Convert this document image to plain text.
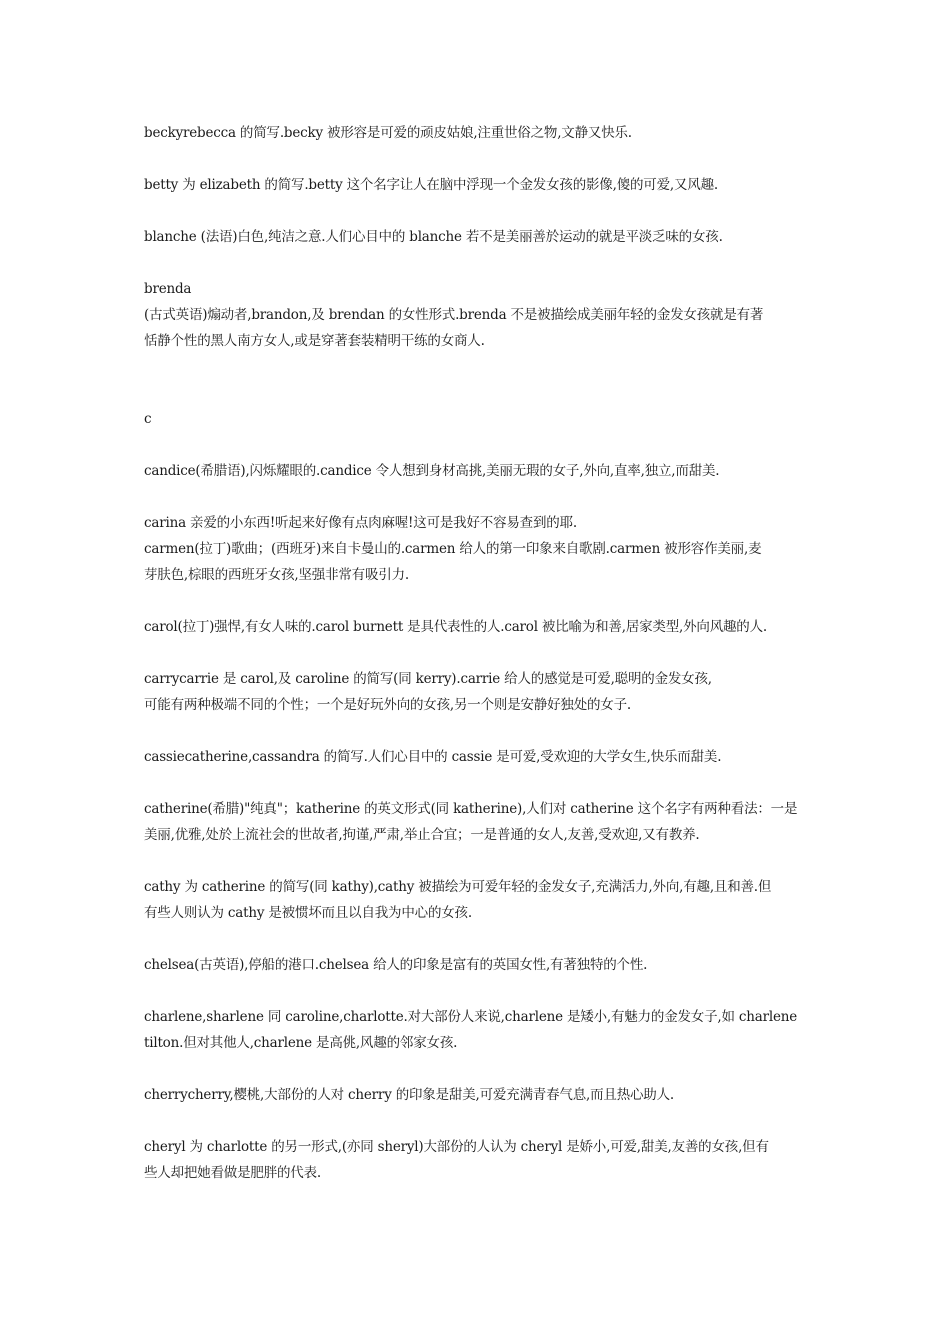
beckyrebecca 的简写.becky 被形容是可爱的顽皮姑娘,注重世俗之物,文静又快乐.

betty 为 elizabeth 的简写.betty 这个名字让人在脑中浮现一个金发女孩的影像,傻的可爱,又风趣.

blanche (法语)白色,纯洁之意.人们心目中的 blanche 若不是美丽善於运动的就是平淡乏味的女孩.

brenda
(古式英语)煽动者,brandon,及 brendan 的女性形式.brenda 不是被描绘成美丽年轻的金发女孩就是有著
恬静个性的黑人南方女人,或是穿著套装精明干练的女商人.

c

candice(希腊语),闪烁耀眼的.candice 令人想到身材高挑,美丽无瑕的女子,外向,直率,独立,而甜美.

carina 亲爱的小东西!听起来好像有点肉麻喔!这可是我好不容易查到的耶.

carmen(拉丁)歌曲；(西班牙)来自卡曼山的.carmen 给人的第一印象来自歌剧.carmen 被形容作美丽,麦
芽肤色,棕眼的西班牙女孩,坚强非常有吸引力.

carol(拉丁)强悍,有女人味的.carol burnett 是具代表性的人.carol 被比喻为和善,居家类型,外向风趣的人.

carrycarrie 是 carol,及 caroline 的简写(同 kerry).carrie 给人的感觉是可爱,聪明的金发女孩,
可能有两种极端不同的个性；一个是好玩外向的女孩,另一个则是安静好独处的女子.

cassiecatherine,cassandra 的简写.人们心目中的 cassie 是可爱,受欢迎的大学女生,快乐而甜美.

catherine(希腊)"纯真"；katherine 的英文形式(同 katherine),人们对 catherine 这个名字有两种看法：一是
美丽,优雅,处於上流社会的世故者,拘谨,严肃,举止合宜；一是普通的女人,友善,受欢迎,又有教养.

cathy 为 catherine 的简写(同 kathy),cathy 被描绘为可爱年轻的金发女子,充满活力,外向,有趣,且和善.但
有些人则认为 cathy 是被惯坏而且以自我为中心的女孩.

chelsea(古英语),停船的港口.chelsea 给人的印象是富有的英国女性,有著独特的个性.

charlene,sharlene 同 caroline,charlotte.对大部份人来说,charlene 是矮小,有魅力的金发女子,如 charlene
tilton.但对其他人,charlene 是高佻,风趣的邻家女孩.

cherrycherry,樱桃,大部份的人对 cherry 的印象是甜美,可爱充满青春气息,而且热心助人.

cheryl 为 charlotte 的另一形式,(亦同 sheryl)大部份的人认为 cheryl 是娇小,可爱,甜美,友善的女孩,但有
些人却把她看做是肥胖的代表.
